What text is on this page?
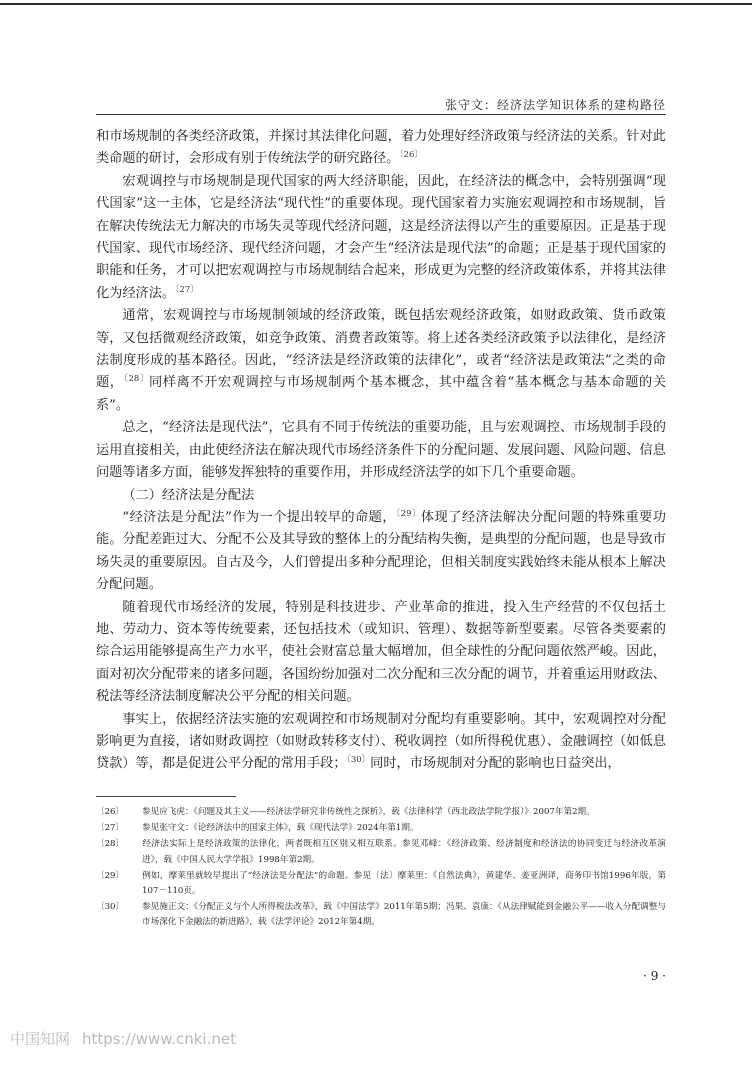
张守文：经济法学知识体系的建构路径

和市场规制的各类经济政策，并探讨其法律化问题，着力处理好经济政策与经济法的关系。针对此类命题的研讨，会形成有别于传统法学的研究路径。$^{〔26〕}$

宏观调控与市场规制是现代国家的两大经济职能，因此，在经济法的概念中，会特别强调“现代国家”这一主体，它是经济法“现代性”的重要体现。现代国家着力实施宏观调控和市场规制，旨在解决传统法无力解决的市场失灵等现代经济问题，这是经济法得以产生的重要原因。正是基于现代国家、现代市场经济、现代经济问题，才会产生“经济法是现代法”的命题；正是基于现代国家的职能和任务，才可以把宏观调控与市场规制结合起来，形成更为完整的经济政策体系，并将其法律化为经济法。$^{〔27〕}$

通常，宏观调控与市场规制领域的经济政策，既包括宏观经济政策，如财政政策、货币政策等，又包括微观经济政策，如竞争政策、消费者政策等。将上述各类经济政策予以法律化，是经济法制度形成的基本路径。因此，“经济法是经济政策的法律化”，或者“经济法是政策法”之类的命题，$^{〔28〕}$同样离不开宏观调控与市场规制两个基本概念，其中蕴含着“基本概念与基本命题的关系”。

总之，“经济法是现代法”，它具有不同于传统法的重要功能，且与宏观调控、市场规制手段的运用直接相关，由此使经济法在解决现代市场经济条件下的分配问题、发展问题、风险问题、信息问题等诸多方面，能够发挥独特的重要作用，并形成经济法学的如下几个重要命题。

（二）经济法是分配法

“经济法是分配法”作为一个提出较早的命题，$^{〔29〕}$体现了经济法解决分配问题的特殊重要功能。分配差距过大、分配不公及其导致的整体上的分配结构失衡，是典型的分配问题，也是导致市场失灵的重要原因。自古及今，人们曾提出多种分配理论，但相关制度实践始终未能从根本上解决分配问题。

随着现代市场经济的发展，特别是科技进步、产业革命的推进，投入生产经营的不仅包括土地、劳动力、资本等传统要素，还包括技术（或知识、管理）、数据等新型要素。尽管各类要素的综合运用能够提高生产力水平，使社会财富总量大幅增加，但全球性的分配问题依然严峻。因此，面对初次分配带来的诸多问题，各国纷纷加强对二次分配和三次分配的调节，并着重运用财政法、税法等经济法制度解决公平分配的相关问题。

事实上，依据经济法实施的宏观调控和市场规制对分配均有重要影响。其中，宏观调控对分配影响更为直接，诸如财政调控（如财政转移支付）、税收调控（如所得税优惠）、金融调控（如低息贷款）等，都是促进公平分配的常用手段；$^{〔30〕}$同时，市场规制对分配的影响也日益突出，

〔26〕 参见应飞虎：《问题及其主义——经济法学研究非传统性之探析》，载《法律科学（西北政法学院学报）》2007年第2期。
〔27〕 参见张守文：《论经济法中的国家主体》，载《现代法学》2024年第1期。
〔28〕 经济法实际上是经济政策的法律化，两者既相互区别又相互联系。参见邓峰：《经济政策、经济制度和经济法的协同变迁与经济改革演进》，载《中国人民大学学报》1998年第2期。
〔29〕 例如，摩莱里就较早提出了“经济法是分配法”的命题。参见〔法〕摩莱里：《自然法典》，黄建华、姜亚洲译，商务印书馆1996年版，第107－110页。
〔30〕 参见施正文：《分配正义与个人所得税法改革》，载《中国法学》2011年第5期；冯果、袁康：《从法律赋能到金融公平——收入分配调整与市场深化下金融法的新进路》，载《法学评论》2012年第4期。
· 9 ·
中国知网 https://www.cnki.net
